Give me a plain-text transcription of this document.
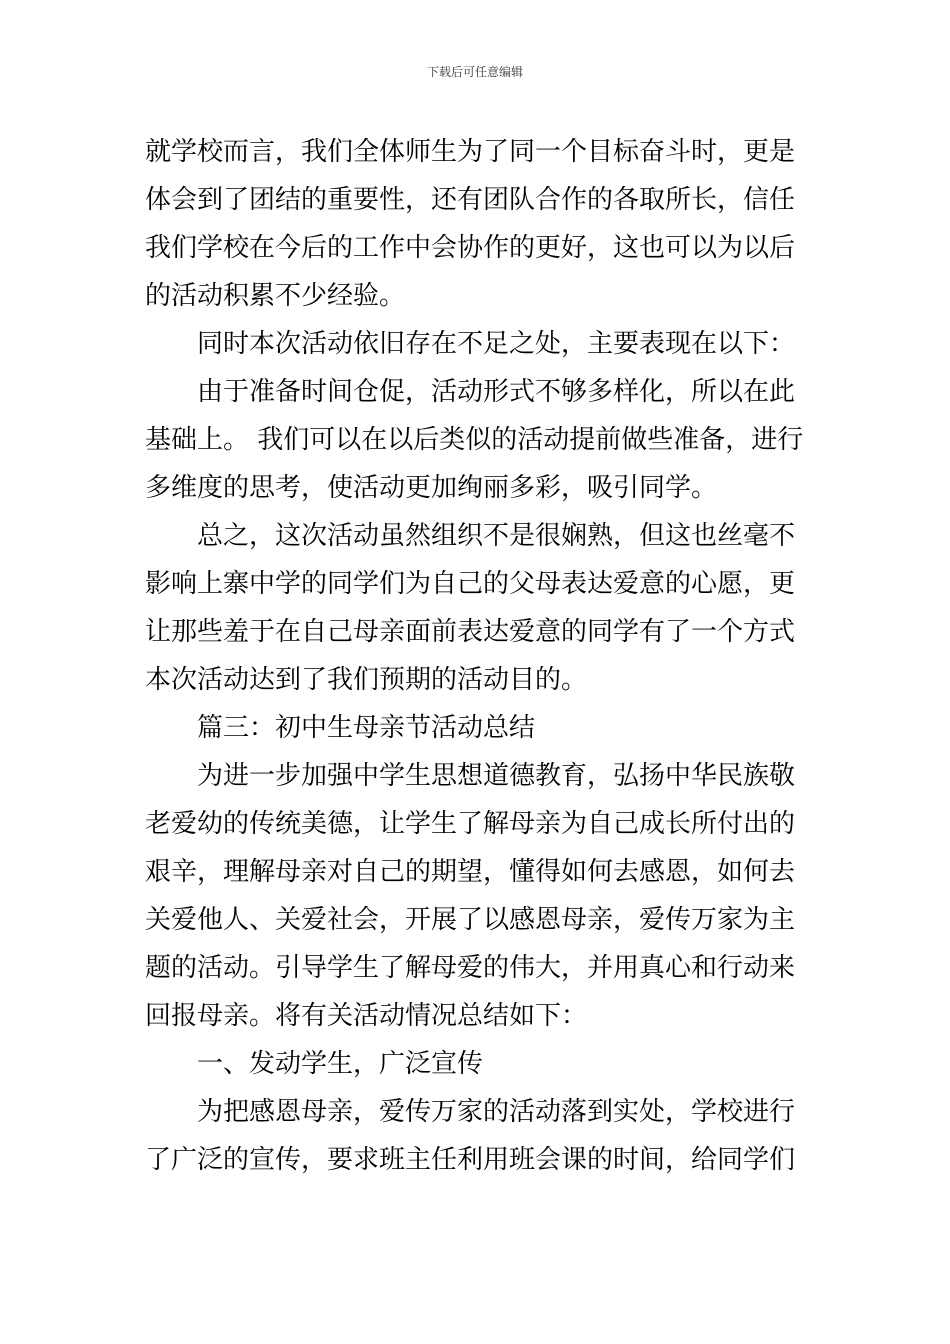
下载后可任意编辑
就学校而言，我们全体师生为了同一个目标奋斗时，更是
体会到了团结的重要性，还有团队合作的各取所长，信任
我们学校在今后的工作中会协作的更好，这也可以为以后
的活动积累不少经验。
同时本次活动依旧存在不足之处，主要表现在以下：
由于准备时间仓促，活动形式不够多样化，所以在此
基础上。 我们可以在以后类似的活动提前做些准备，进行
多维度的思考，使活动更加绚丽多彩，吸引同学。
总之，这次活动虽然组织不是很娴熟，但这也丝毫不
影响上寨中学的同学们为自己的父母表达爱意的心愿，更
让那些羞于在自己母亲面前表达爱意的同学有了一个方式
本次活动达到了我们预期的活动目的。
篇三：初中生母亲节活动总结
为进一步加强中学生思想道德教育，弘扬中华民族敬
老爱幼的传统美德，让学生了解母亲为自己成长所付出的
艰辛，理解母亲对自己的期望，懂得如何去感恩，如何去
关爱他人、关爱社会，开展了以感恩母亲，爱传万家为主
题的活动。引导学生了解母爱的伟大，并用真心和行动来
回报母亲。将有关活动情况总结如下：
一、发动学生，广泛宣传
为把感恩母亲，爱传万家的活动落到实处，学校进行
了广泛的宣传，要求班主任利用班会课的时间，给同学们
